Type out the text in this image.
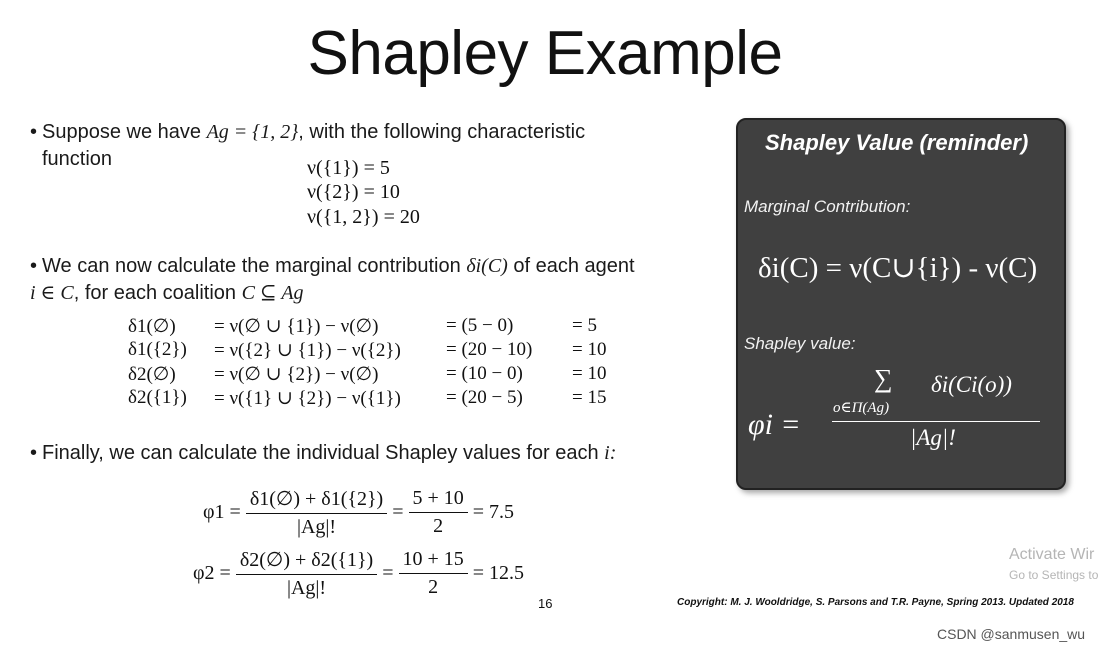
Shapley Example
• Suppose we have Ag = {1, 2}, with the following characteristic
function	ν({1}) = 5
ν({2}) = 10
ν({1, 2}) = 20
• We can now calculate the marginal contribution δi(C) of each agent
i ∈ C, for each coalition C ⊆ Ag
δ1(∅)	= ν(∅ ∪ {1}) − ν(∅)	= (5 − 0)	= 5
δ1({2})	= ν({2} ∪ {1}) − ν({2})	= (20 − 10)	= 10
δ2(∅)	= ν(∅ ∪ {2}) − ν(∅)	= (10 − 0)	= 10
δ2({1})	= ν({1} ∪ {2}) − ν({1})	= (20 − 5)	= 15
• Finally, we can calculate the individual Shapley values for each i:
$\varphi 1 = \frac{\delta 1(\emptyset) + \delta 1(\{2\})}{|Ag|!} = \frac{5 + 10}{2} = 7.5$
$\varphi 2 = \frac{\delta 2(\emptyset) + \delta 2(\{1\})}{|Ag|!} = \frac{10 + 15}{2} = 12.5$
16
Shapley Value (reminder)
Marginal Contribution:
δi(C) = ν(C∪{i}) - ν(C)
Shapley value:
φi =
∑
o∈Π(Ag)
δi(Ci(o))
|Ag|!
Activate Wir
Go to Settings to
Copyright: M. J. Wooldridge, S. Parsons and T.R. Payne, Spring 2013. Updated 2018
CSDN @sanmusen_wu
